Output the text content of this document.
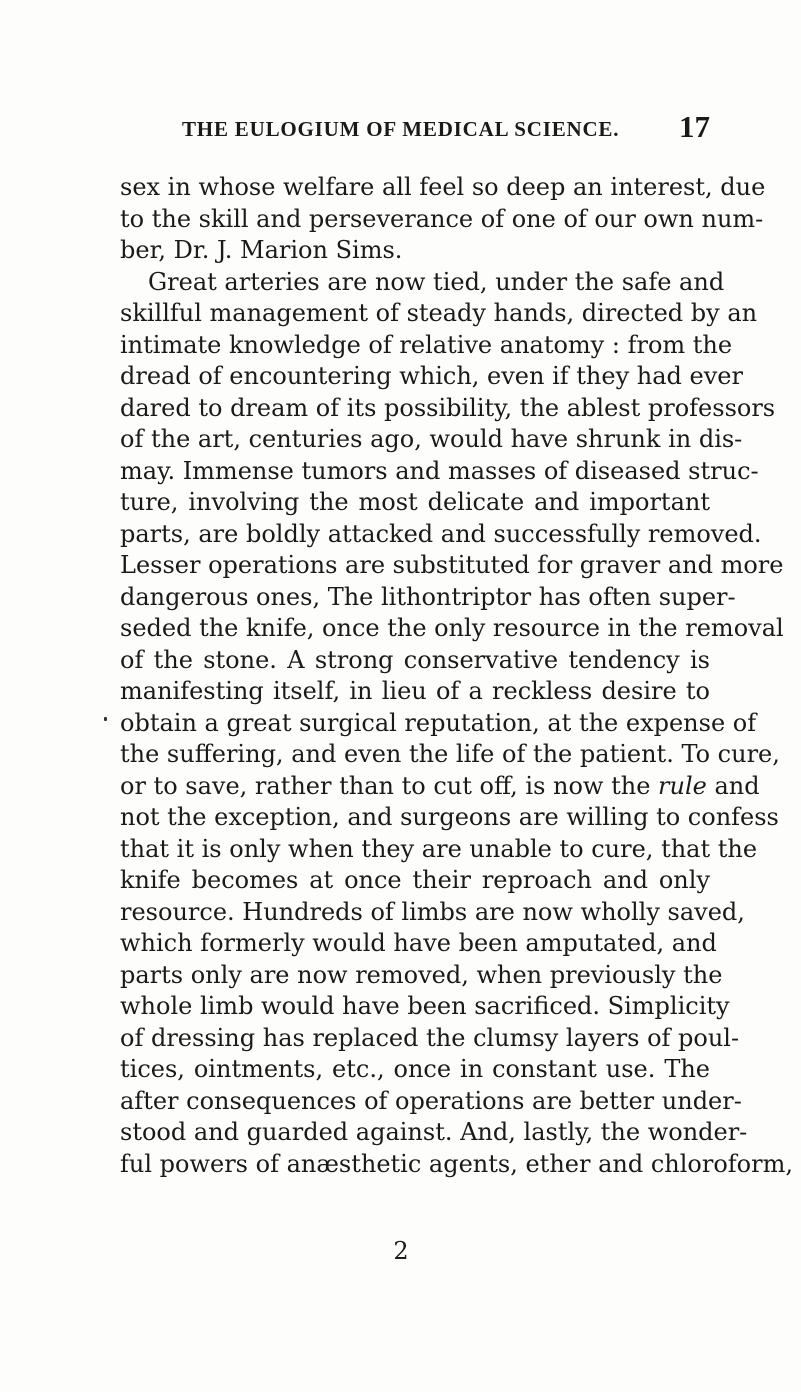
THE EULOGIUM OF MEDICAL SCIENCE. 17
sex in whose welfare all feel so deep an interest, due
to the skill and perseverance of one of our own num-
ber, Dr. J. Marion Sims.
Great arteries are now tied, under the safe and
skillful management of steady hands, directed by an
intimate knowledge of relative anatomy : from the
dread of encountering which, even if they had ever
dared to dream of its possibility, the ablest professors
of the art, centuries ago, would have shrunk in dis-
may. Immense tumors and masses of diseased struc-
ture, involving the most delicate and important
parts, are boldly attacked and successfully removed.
Lesser operations are substituted for graver and more
dangerous ones, The lithontriptor has often super-
seded the knife, once the only resource in the removal
of the stone. A strong conservative tendency is
manifesting itself, in lieu of a reckless desire to
obtain a great surgical reputation, at the expense of
the suffering, and even the life of the patient. To cure,
or to save, rather than to cut off, is now the rule and
not the exception, and surgeons are willing to confess
that it is only when they are unable to cure, that the
knife becomes at once their reproach and only
resource. Hundreds of limbs are now wholly saved,
which formerly would have been amputated, and
parts only are now removed, when previously the
whole limb would have been sacrificed. Simplicity
of dressing has replaced the clumsy layers of poul-
tices, ointments, etc., once in constant use. The
after consequences of operations are better under-
stood and guarded against. And, lastly, the wonder-
ful powers of anæsthetic agents, ether and chloroform,
2
